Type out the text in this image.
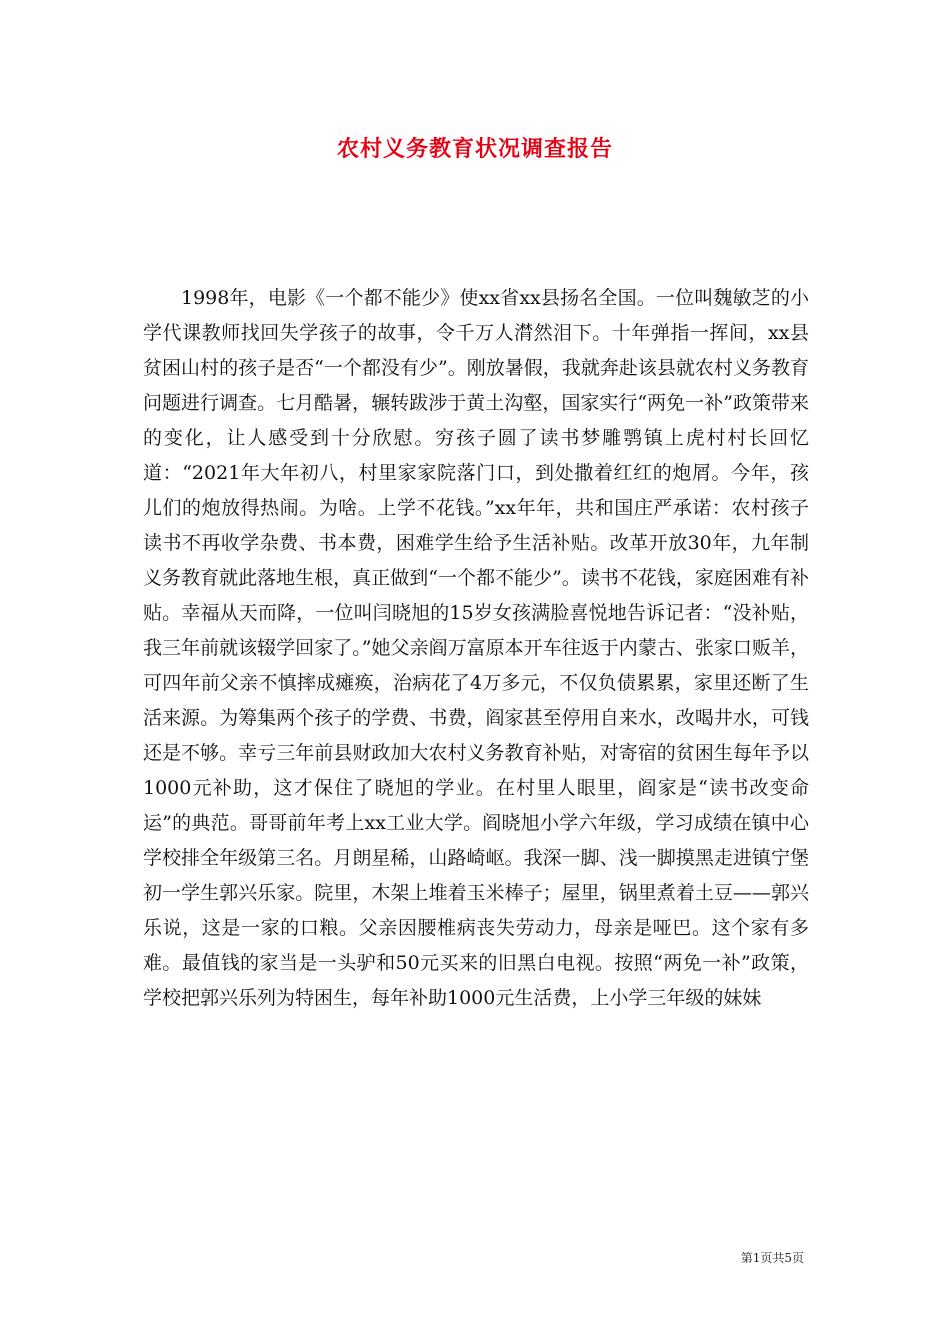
农村义务教育状况调查报告

1998年，电影《一个都不能少》使xx省xx县扬名全国。一位叫魏敏芝的小学代课教师找回失学孩子的故事，令千万人潸然泪下。十年弹指一挥间，xx县贫困山村的孩子是否“一个都没有少”。刚放暑假，我就奔赴该县就农村义务教育问题进行调查。七月酷暑，辗转跋涉于黄土沟壑，国家实行“两免一补”政策带来的变化，让人感受到十分欣慰。穷孩子圆了读书梦雕鹗镇上虎村村长回忆道：“2021年大年初八，村里家家院落门口，到处撒着红红的炮屑。今年，孩儿们的炮放得热闹。为啥。上学不花钱。”xx年年，共和国庄严承诺：农村孩子读书不再收学杂费、书本费，困难学生给予生活补贴。改革开放30年，九年制义务教育就此落地生根，真正做到“一个都不能少”。读书不花钱，家庭困难有补贴。幸福从天而降，一位叫闫晓旭的15岁女孩满脸喜悦地告诉记者：“没补贴，我三年前就该辍学回家了。”她父亲阎万富原本开车往返于内蒙古、张家口贩羊，可四年前父亲不慎摔成瘫痪，治病花了4万多元，不仅负债累累，家里还断了生活来源。为筹集两个孩子的学费、书费，阎家甚至停用自来水，改喝井水，可钱还是不够。幸亏三年前县财政加大农村义务教育补贴，对寄宿的贫困生每年予以1000元补助，这才保住了晓旭的学业。在村里人眼里，阎家是“读书改变命运”的典范。哥哥前年考上xx工业大学。阎晓旭小学六年级，学习成绩在镇中心学校排全年级第三名。月朗星稀，山路崎岖。我深一脚、浅一脚摸黑走进镇宁堡初一学生郭兴乐家。院里，木架上堆着玉米棒子；屋里，锅里煮着土豆——郭兴乐说，这是一家的口粮。父亲因腰椎病丧失劳动力，母亲是哑巴。这个家有多难。最值钱的家当是一头驴和50元买来的旧黑白电视。按照“两免一补”政策，学校把郭兴乐列为特困生，每年补助1000元生活费，上小学三年级的妹妹

第1页共5页
